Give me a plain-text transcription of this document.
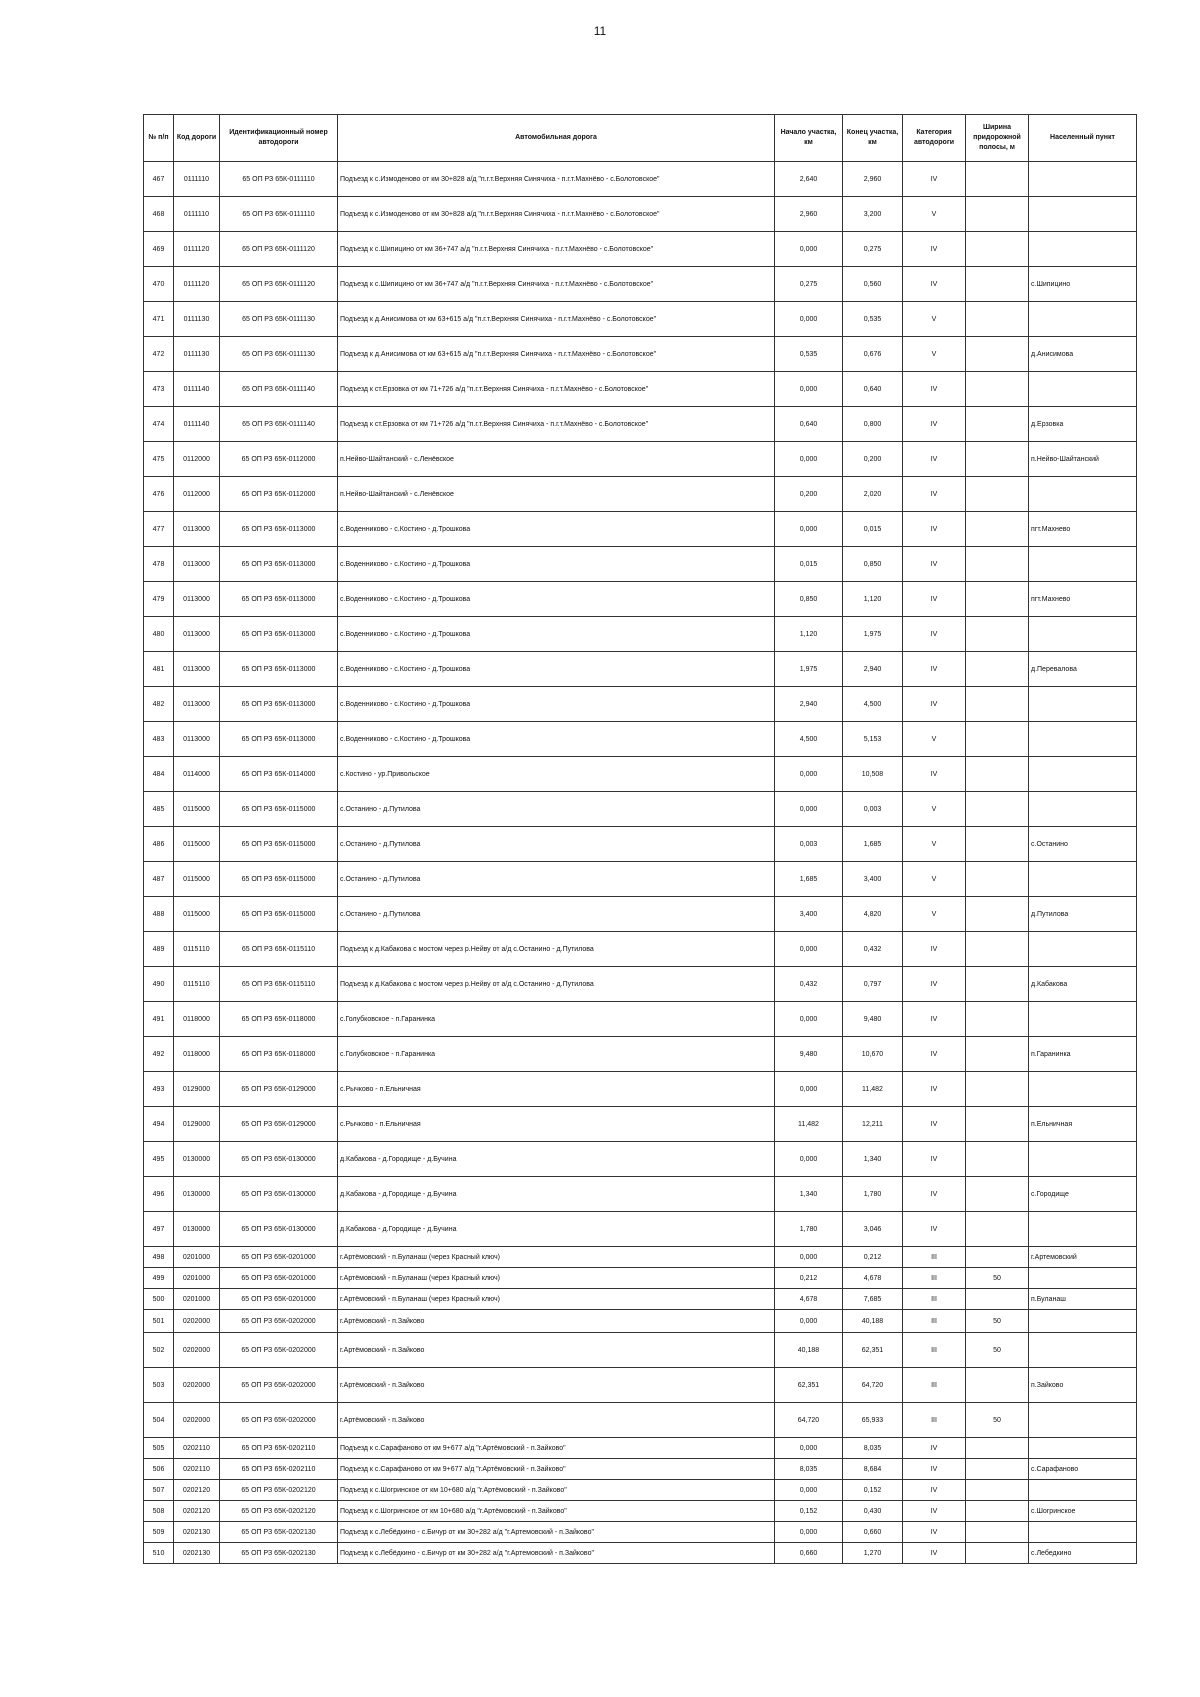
11
№ п/п	Код дороги	Идентификационный номер автодороги	Автомобильная дорога	Начало участка, км	Конец участка, км	Категория автодороги	Ширина придорожной полосы, м	Населенный пункт
467	0111110	65 ОП РЗ 65К-0111110	Подъезд к с.Измоденово от км 30+828 а/д "п.г.т.Верхняя Синячиха - п.г.т.Махнёво - с.Болотовское"	2,640	2,960	IV		
468	0111110	65 ОП РЗ 65К-0111110	Подъезд к с.Измоденово от км 30+828 а/д "п.г.т.Верхняя Синячиха - п.г.т.Махнёво - с.Болотовское"	2,960	3,200	V		
469	0111120	65 ОП РЗ 65К-0111120	Подъезд к с.Шипицино от км 36+747 а/д "п.г.т.Верхняя Синячиха - п.г.т.Махнёво - с.Болотовское"	0,000	0,275	IV		
470	0111120	65 ОП РЗ 65К-0111120	Подъезд к с.Шипицино от км 36+747 а/д "п.г.т.Верхняя Синячиха - п.г.т.Махнёво - с.Болотовское"	0,275	0,560	IV		с.Шипицино
471	0111130	65 ОП РЗ 65К-0111130	Подъезд к д.Анисимова от км 63+615 а/д "п.г.т.Верхняя Синячиха - п.г.т.Махнёво - с.Болотовское"	0,000	0,535	V		
472	0111130	65 ОП РЗ 65К-0111130	Подъезд к д.Анисимова от км 63+615 а/д "п.г.т.Верхняя Синячиха - п.г.т.Махнёво - с.Болотовское"	0,535	0,676	V		д.Анисимова
473	0111140	65 ОП РЗ 65К-0111140	Подъезд к ст.Ерзовка от км 71+726 а/д "п.г.т.Верхняя Синячиха - п.г.т.Махнёво - с.Болотовское"	0,000	0,640	IV		
474	0111140	65 ОП РЗ 65К-0111140	Подъезд к ст.Ерзовка от км 71+726 а/д "п.г.т.Верхняя Синячиха - п.г.т.Махнёво - с.Болотовское"	0,640	0,800	IV		д.Ерзовка
475	0112000	65 ОП РЗ 65К-0112000	п.Нейво-Шайтанский - с.Ленёвское	0,000	0,200	IV		п.Нейво-Шайтанский
476	0112000	65 ОП РЗ 65К-0112000	п.Нейво-Шайтанский - с.Ленёвское	0,200	2,020	IV		
477	0113000	65 ОП РЗ 65К-0113000	с.Воденниково - с.Костино - д.Трошкова	0,000	0,015	IV		пгт.Махнево
478	0113000	65 ОП РЗ 65К-0113000	с.Воденниково - с.Костино - д.Трошкова	0,015	0,850	IV		
479	0113000	65 ОП РЗ 65К-0113000	с.Воденниково - с.Костино - д.Трошкова	0,850	1,120	IV		пгт.Махнево
480	0113000	65 ОП РЗ 65К-0113000	с.Воденниково - с.Костино - д.Трошкова	1,120	1,975	IV		
481	0113000	65 ОП РЗ 65К-0113000	с.Воденниково - с.Костино - д.Трошкова	1,975	2,940	IV		д.Перевалова
482	0113000	65 ОП РЗ 65К-0113000	с.Воденниково - с.Костино - д.Трошкова	2,940	4,500	IV		
483	0113000	65 ОП РЗ 65К-0113000	с.Воденниково - с.Костино - д.Трошкова	4,500	5,153	V		
484	0114000	65 ОП РЗ 65К-0114000	с.Костино - ур.Привольское	0,000	10,508	IV		
485	0115000	65 ОП РЗ 65К-0115000	с.Останино - д.Путилова	0,000	0,003	V		
486	0115000	65 ОП РЗ 65К-0115000	с.Останино - д.Путилова	0,003	1,685	V		с.Останино
487	0115000	65 ОП РЗ 65К-0115000	с.Останино - д.Путилова	1,685	3,400	V		
488	0115000	65 ОП РЗ 65К-0115000	с.Останино - д.Путилова	3,400	4,820	V		д.Путилова
489	0115110	65 ОП РЗ 65К-0115110	Подъезд к д.Кабакова с мостом через р.Нейву от а/д с.Останино - д.Путилова	0,000	0,432	IV		
490	0115110	65 ОП РЗ 65К-0115110	Подъезд к д.Кабакова с мостом через р.Нейву от а/д с.Останино - д.Путилова	0,432	0,797	IV		д.Кабакова
491	0118000	65 ОП РЗ 65К-0118000	с.Голубковское - п.Гаранинка	0,000	9,480	IV		
492	0118000	65 ОП РЗ 65К-0118000	с.Голубковское - п.Гаранинка	9,480	10,670	IV		п.Гаранинка
493	0129000	65 ОП РЗ 65К-0129000	с.Рычково - п.Ельничная	0,000	11,482	IV		
494	0129000	65 ОП РЗ 65К-0129000	с.Рычково - п.Ельничная	11,482	12,211	IV		п.Ельничная
495	0130000	65 ОП РЗ 65К-0130000	д.Кабакова - д.Городище - д.Бучина	0,000	1,340	IV		
496	0130000	65 ОП РЗ 65К-0130000	д.Кабакова - д.Городище - д.Бучина	1,340	1,780	IV		с.Городище
497	0130000	65 ОП РЗ 65К-0130000	д.Кабакова - д.Городище - д.Бучина	1,780	3,046	IV		
498	0201000	65 ОП РЗ 65К-0201000	г.Артёмовский - п.Буланаш (через Красный ключ)	0,000	0,212	III		г.Артемовский
499	0201000	65 ОП РЗ 65К-0201000	г.Артёмовский - п.Буланаш (через Красный ключ)	0,212	4,678	III	50	
500	0201000	65 ОП РЗ 65К-0201000	г.Артёмовский - п.Буланаш (через Красный ключ)	4,678	7,685	III		п.Буланаш
501	0202000	65 ОП РЗ 65К-0202000	г.Артёмовский - п.Зайково	0,000	40,188	III	50	
502	0202000	65 ОП РЗ 65К-0202000	г.Артёмовский - п.Зайково	40,188	62,351	III	50	
503	0202000	65 ОП РЗ 65К-0202000	г.Артёмовский - п.Зайково	62,351	64,720	III		п.Зайково
504	0202000	65 ОП РЗ 65К-0202000	г.Артёмовский - п.Зайково	64,720	65,933	III	50	
505	0202110	65 ОП РЗ 65К-0202110	Подъезд к с.Сарафаново от км 9+677 а/д "г.Артёмовский - п.Зайково"	0,000	8,035	IV		
506	0202110	65 ОП РЗ 65К-0202110	Подъезд к с.Сарафаново от км 9+677 а/д "г.Артёмовский - п.Зайково"	8,035	8,684	IV		с.Сарафаново
507	0202120	65 ОП РЗ 65К-0202120	Подъезд к с.Шогринское от км 10+680 а/д "г.Артёмовский - п.Зайково"	0,000	0,152	IV		
508	0202120	65 ОП РЗ 65К-0202120	Подъезд к с.Шогринское от км 10+680 а/д "г.Артёмовский - п.Зайково"	0,152	0,430	IV		с.Шогринское
509	0202130	65 ОП РЗ 65К-0202130	Подъезд к с.Лебёдкино - с.Бичур от км 30+282 а/д "г.Артемовский - п.Зайково"	0,000	0,660	IV		
510	0202130	65 ОП РЗ 65К-0202130	Подъезд к с.Лебёдкино - с.Бичур от км 30+282 а/д "г.Артемовский - п.Зайково"	0,660	1,270	IV		с.Лебедкино
